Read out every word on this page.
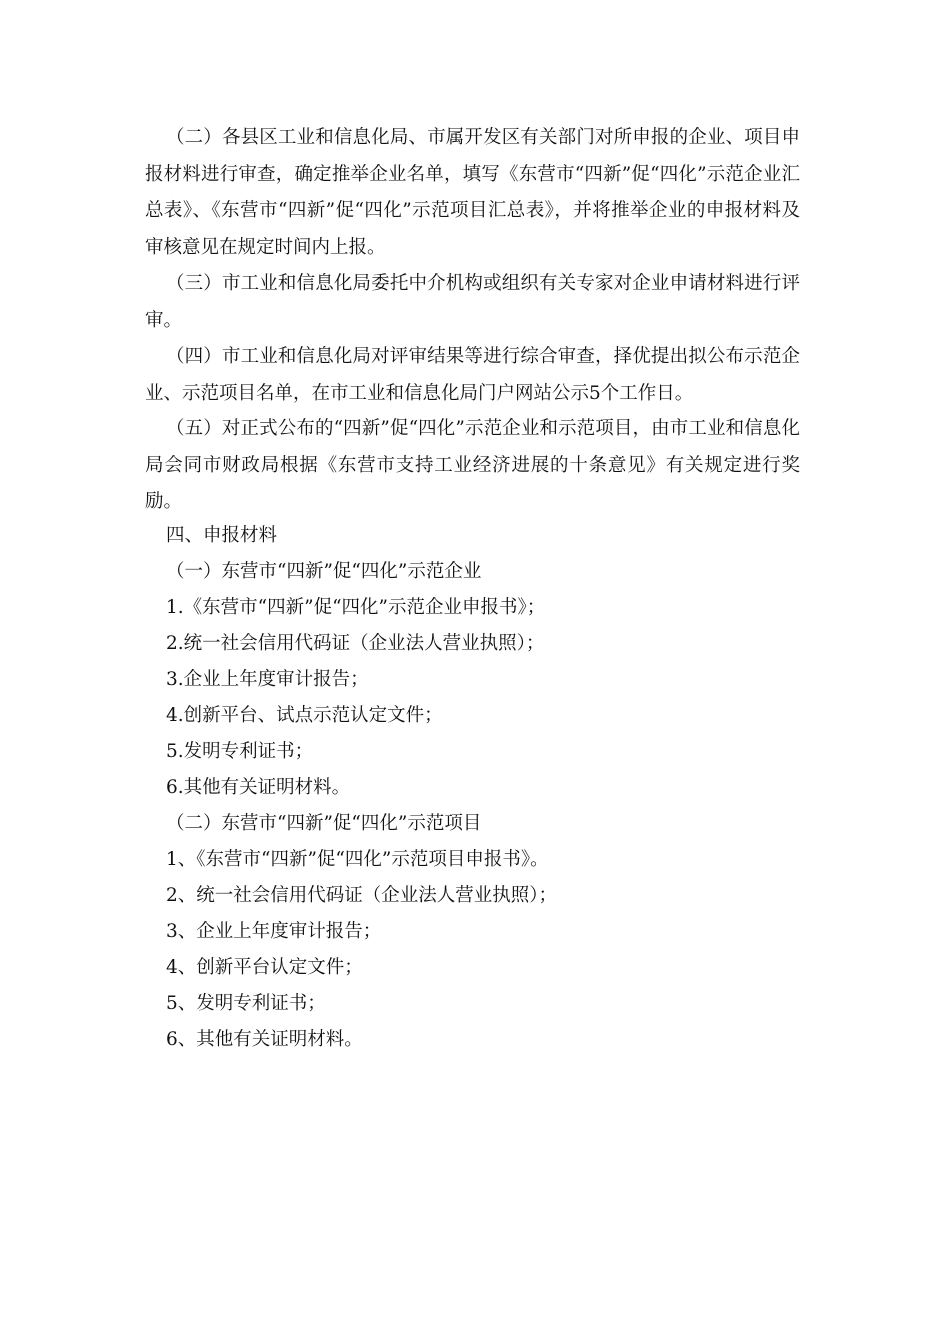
（二）各县区工业和信息化局、市属开发区有关部门对所申报的企业、项目申报材料进行审查，确定推举企业名单，填写《东营市“四新”促“四化”示范企业汇总表》、《东营市“四新”促“四化”示范项目汇总表》，并将推举企业的申报材料及审核意见在规定时间内上报。

（三）市工业和信息化局委托中介机构或组织有关专家对企业申请材料进行评审。

（四）市工业和信息化局对评审结果等进行综合审查，择优提出拟公布示范企业、示范项目名单，在市工业和信息化局门户网站公示5个工作日。

（五）对正式公布的“四新”促“四化”示范企业和示范项目，由市工业和信息化局会同市财政局根据《东营市支持工业经济进展的十条意见》有关规定进行奖励。

四、申报材料

（一）东营市“四新”促“四化”示范企业

1.《东营市“四新”促“四化”示范企业申报书》；

2.统一社会信用代码证（企业法人营业执照）；

3.企业上年度审计报告；

4.创新平台、试点示范认定文件；

5.发明专利证书；

6.其他有关证明材料。

（二）东营市“四新”促“四化”示范项目

1、《东营市“四新”促“四化”示范项目申报书》。

2、统一社会信用代码证（企业法人营业执照）；

3、企业上年度审计报告；

4、创新平台认定文件；

5、发明专利证书；

6、其他有关证明材料。
